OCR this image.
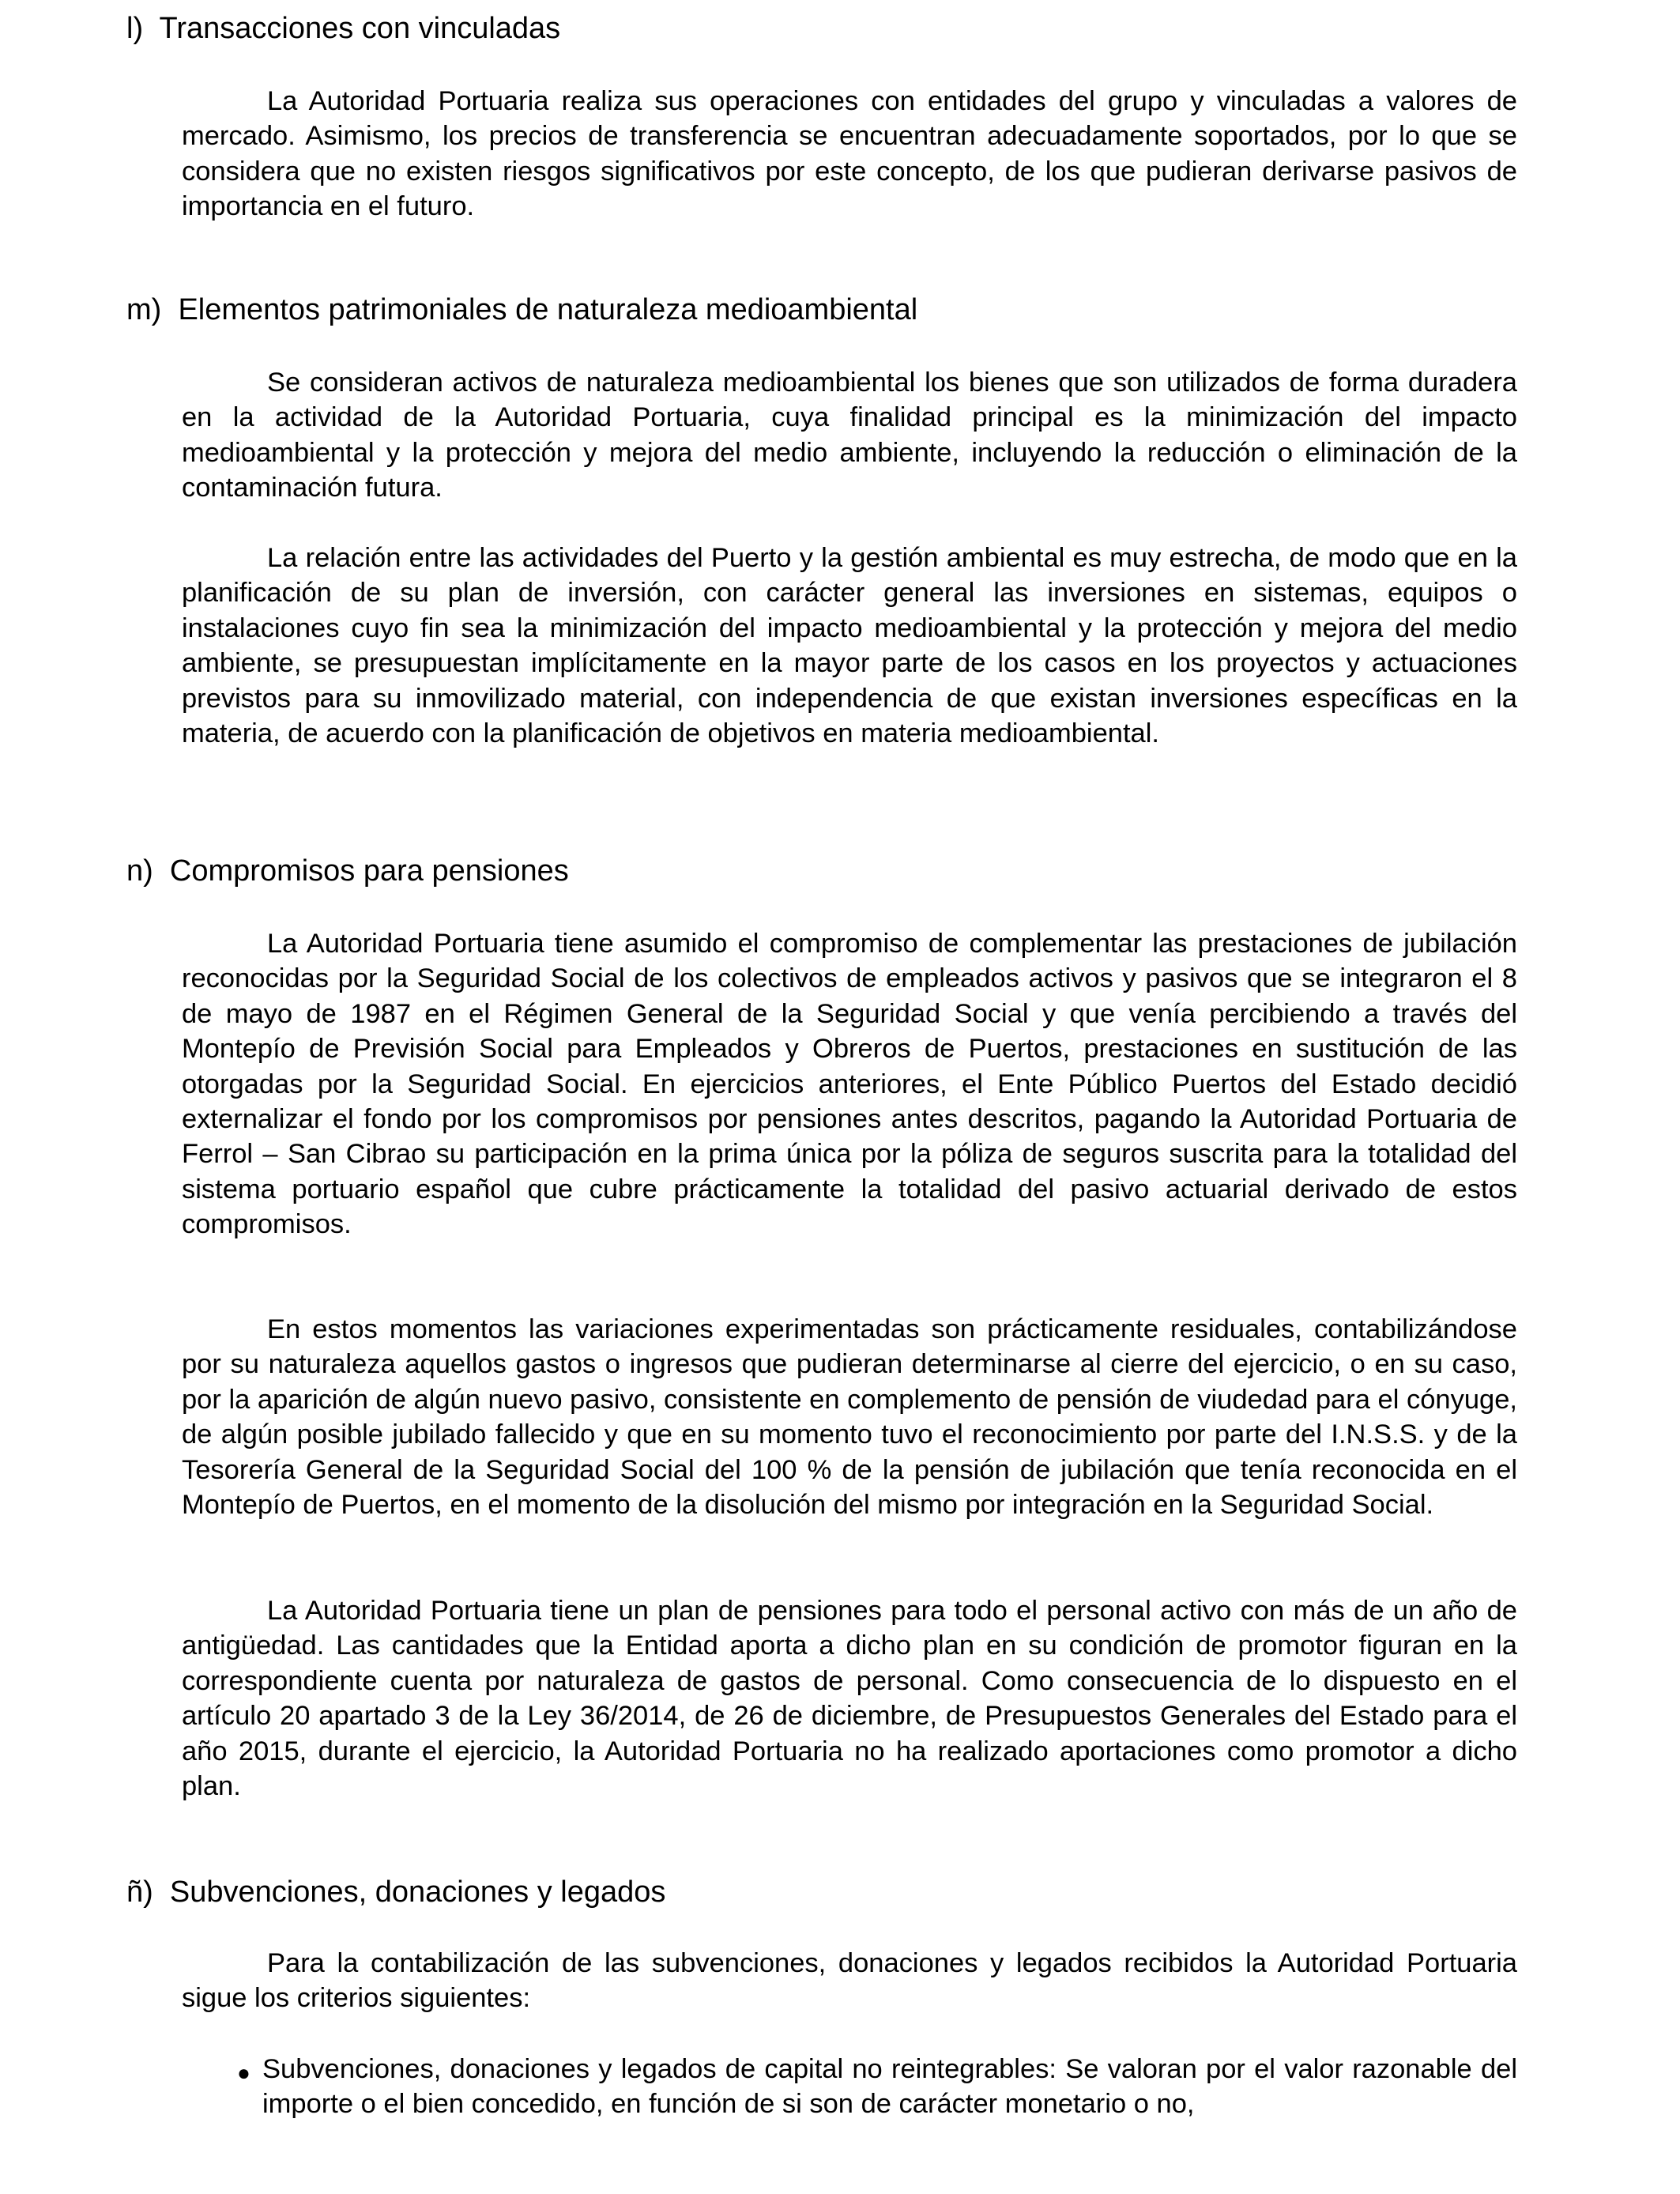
l) Transacciones con vinculadas

La Autoridad Portuaria realiza sus operaciones con entidades del grupo y vinculadas a valores de mercado. Asimismo, los precios de transferencia se encuentran adecuadamente soportados, por lo que se considera que no existen riesgos significativos por este concepto, de los que pudieran derivarse pasivos de importancia en el futuro.

m) Elementos patrimoniales de naturaleza medioambiental

Se consideran activos de naturaleza medioambiental los bienes que son utilizados de forma duradera en la actividad de la Autoridad Portuaria, cuya finalidad principal es la minimización del impacto medioambiental y la protección y mejora del medio ambiente, incluyendo la reducción o eliminación de la contaminación futura.

La relación entre las actividades del Puerto y la gestión ambiental es muy estrecha, de modo que en la planificación de su plan de inversión, con carácter general las inversiones en sistemas, equipos o instalaciones cuyo fin sea la minimización del impacto medioambiental y la protección y mejora del medio ambiente, se presupuestan implícitamente en la mayor parte de los casos en los proyectos y actuaciones previstos para su inmovilizado material, con independencia de que existan inversiones específicas en la materia, de acuerdo con la planificación de objetivos en materia medioambiental.

n) Compromisos para pensiones

La Autoridad Portuaria tiene asumido el compromiso de complementar las prestaciones de jubilación reconocidas por la Seguridad Social de los colectivos de empleados activos y pasivos que se integraron el 8 de mayo de 1987 en el Régimen General de la Seguridad Social y que venía percibiendo a través del Montepío de Previsión Social para Empleados y Obreros de Puertos, prestaciones en sustitución de las otorgadas por la Seguridad Social. En ejercicios anteriores, el Ente Público Puertos del Estado decidió externalizar el fondo por los compromisos por pensiones antes descritos, pagando la Autoridad Portuaria de Ferrol – San Cibrao su participación en la prima única por la póliza de seguros suscrita para la totalidad del sistema portuario español que cubre prácticamente la totalidad del pasivo actuarial derivado de estos compromisos.

En estos momentos las variaciones experimentadas son prácticamente residuales, contabilizándose por su naturaleza aquellos gastos o ingresos que pudieran determinarse al cierre del ejercicio, o en su caso, por la aparición de algún nuevo pasivo, consistente en complemento de pensión de viudedad para el cónyuge, de algún posible jubilado fallecido y que en su momento tuvo el reconocimiento por parte del I.N.S.S. y de la Tesorería General de la Seguridad Social del 100 % de la pensión de jubilación que tenía reconocida en el Montepío de Puertos, en el momento de la disolución del mismo por integración en la Seguridad Social.

La Autoridad Portuaria tiene un plan de pensiones para todo el personal activo con más de un año de antigüedad. Las cantidades que la Entidad aporta a dicho plan en su condición de promotor figuran en la correspondiente cuenta por naturaleza de gastos de personal. Como consecuencia de lo dispuesto en el artículo 20 apartado 3 de la Ley 36/2014, de 26 de diciembre, de Presupuestos Generales del Estado para el año 2015, durante el ejercicio, la Autoridad Portuaria no ha realizado aportaciones como promotor a dicho plan.

ñ) Subvenciones, donaciones y legados

Para la contabilización de las subvenciones, donaciones y legados recibidos la Autoridad Portuaria sigue los criterios siguientes:

● Subvenciones, donaciones y legados de capital no reintegrables: Se valoran por el valor razonable del importe o el bien concedido, en función de si son de carácter monetario o no,
